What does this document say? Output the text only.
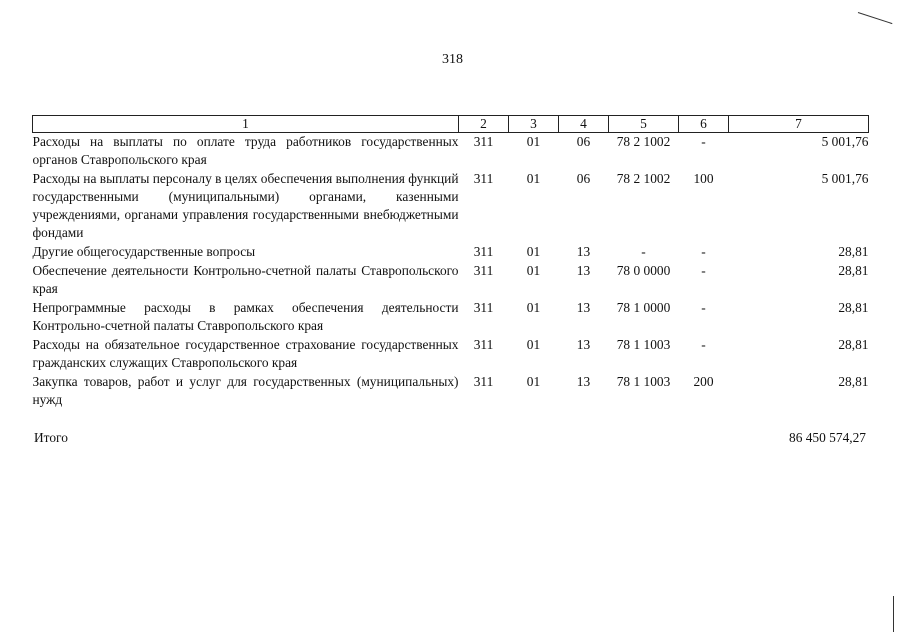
318
1	2	3	4	5	6	7
Расходы на выплаты по оплате труда работников государственных органов Ставропольского края	311	01	06	78 2 1002	-	5 001,76
Расходы на выплаты персоналу в целях обеспечения выполнения функций государственными (муниципальными) органами, казенными учреждениями, органами управления государственными внебюджетными фондами	311	01	06	78 2 1002	100	5 001,76
Другие общегосударственные вопросы	311	01	13	-	-	28,81
Обеспечение деятельности Контрольно-счетной палаты Ставропольского края	311	01	13	78 0 0000	-	28,81
Непрограммные расходы в рамках обеспечения деятельности Контрольно-счетной палаты Ставропольского края	311	01	13	78 1 0000	-	28,81
Расходы на обязательное государственное страхование государственных гражданских служащих Ставропольского края	311	01	13	78 1 1003	-	28,81
Закупка товаров, работ и услуг для государственных (муниципальных) нужд	311	01	13	78 1 1003	200	28,81
Итого	86 450 574,27
